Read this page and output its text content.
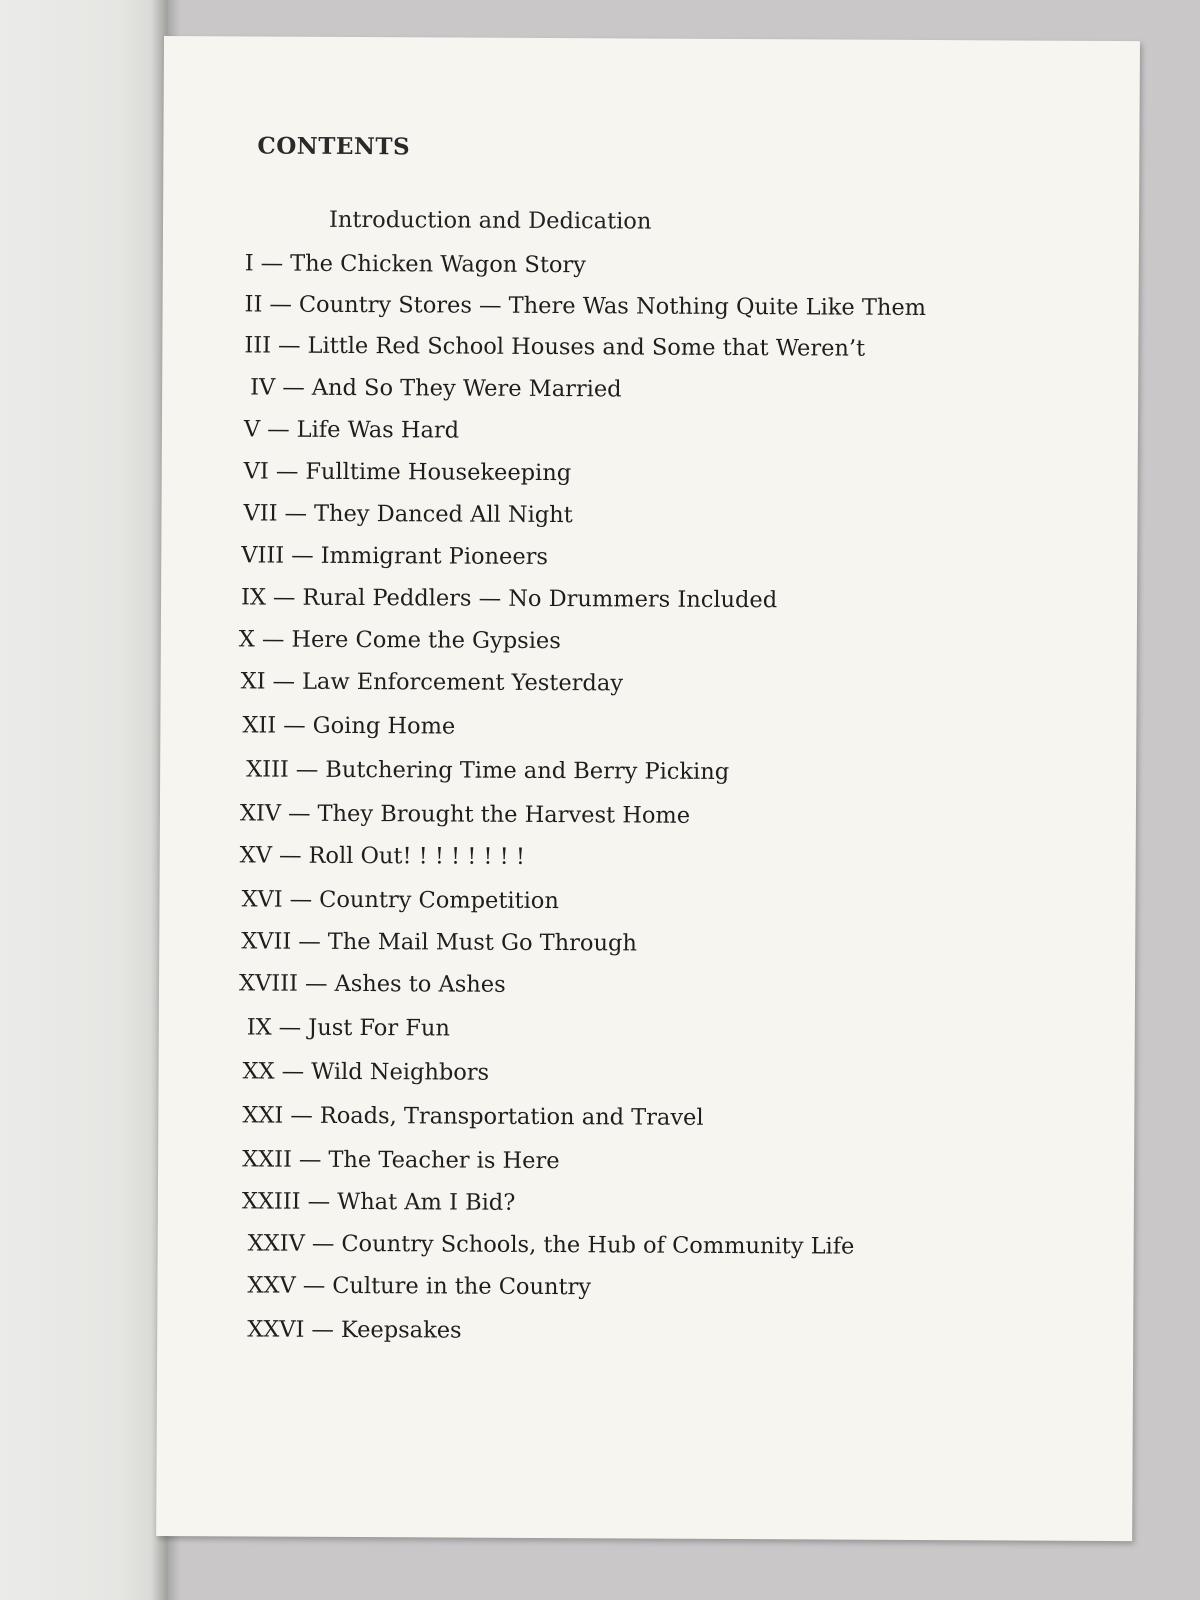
CONTENTS
Introduction and Dedication
I — The Chicken Wagon Story
II — Country Stores — There Was Nothing Quite Like Them
III — Little Red School Houses and Some that Weren’t
IV — And So They Were Married
V — Life Was Hard
VI — Fulltime Housekeeping
VII — They Danced All Night
VIII — Immigrant Pioneers
IX — Rural Peddlers — No Drummers Included
X — Here Come the Gypsies
XI — Law Enforcement Yesterday
XII — Going Home
XIII — Butchering Time and Berry Picking
XIV — They Brought the Harvest Home
XV — Roll Out! ! ! ! ! ! ! !
XVI — Country Competition
XVII — The Mail Must Go Through
XVIII — Ashes to Ashes
IX — Just For Fun
XX — Wild Neighbors
XXI — Roads, Transportation and Travel
XXII — The Teacher is Here
XXIII — What Am I Bid?
XXIV — Country Schools, the Hub of Community Life
XXV — Culture in the Country
XXVI — Keepsakes
